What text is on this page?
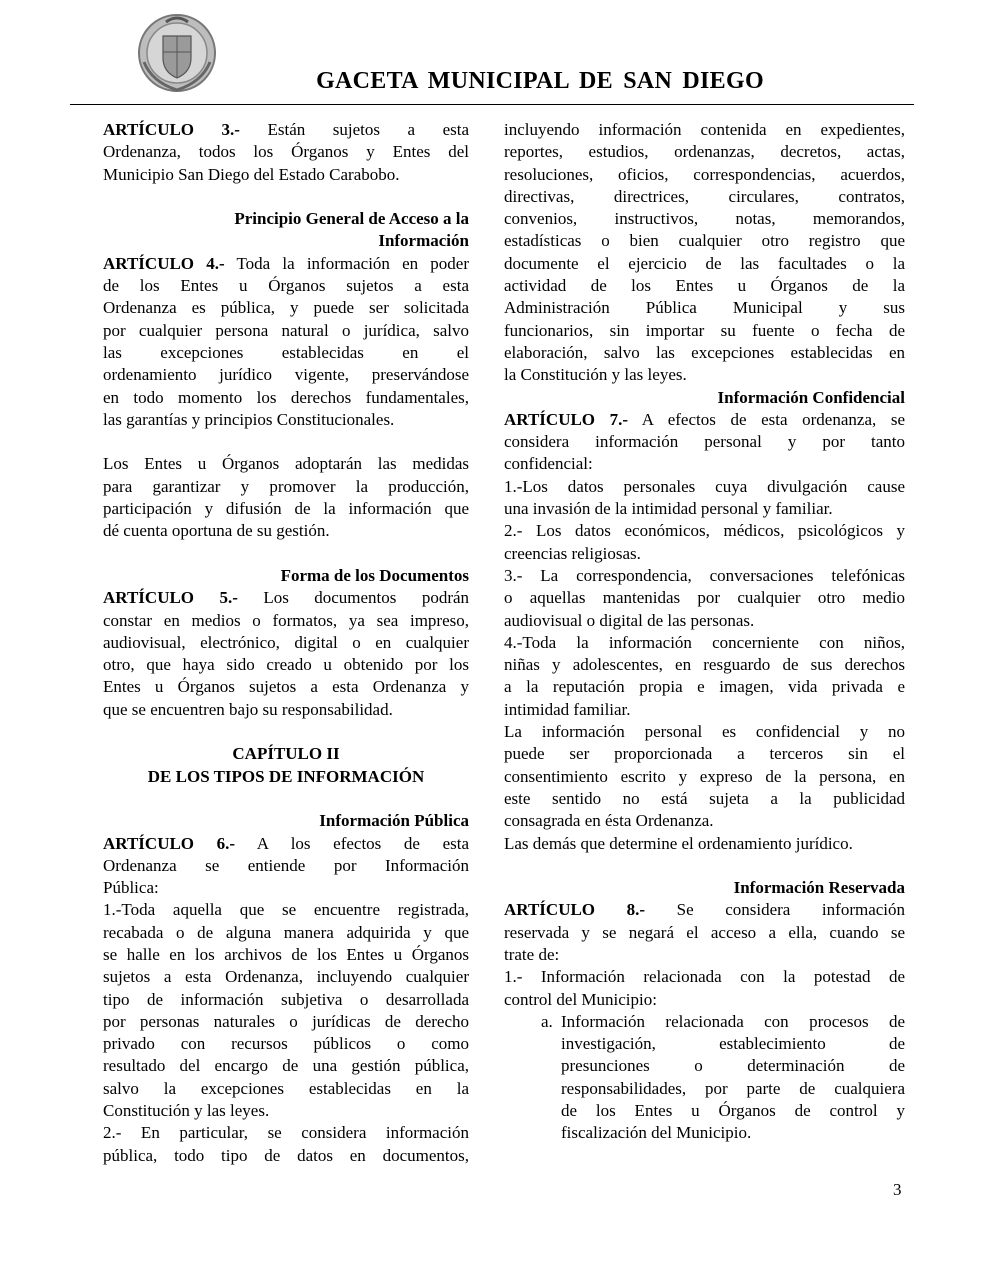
GACETA MUNICIPAL DE SAN DIEGO
ARTÍCULO 3.- Están sujetos a esta
Ordenanza, todos los Órganos y Entes del
Municipio San Diego del Estado Carabobo.
Principio General de Acceso a la
Información
ARTÍCULO 4.- Toda la información en poder
de los Entes u Órganos sujetos a esta
Ordenanza es pública, y puede ser solicitada
por cualquier persona natural o jurídica, salvo
las excepciones establecidas en el
ordenamiento jurídico vigente, preservándose
en todo momento los derechos fundamentales,
las garantías y principios Constitucionales.
Los Entes u Órganos adoptarán las medidas
para garantizar y promover la producción,
participación y difusión de la información que
dé cuenta oportuna de su gestión.
Forma de los Documentos
ARTÍCULO 5.- Los documentos podrán
constar en medios o formatos, ya sea impreso,
audiovisual, electrónico, digital o en cualquier
otro, que haya sido creado u obtenido por los
Entes u Órganos sujetos a esta Ordenanza y
que se encuentren bajo su responsabilidad.
CAPÍTULO II
DE LOS TIPOS DE INFORMACIÓN
Información Pública
ARTÍCULO 6.- A los efectos de esta
Ordenanza se entiende por Información
Pública:
1.-Toda aquella que se encuentre registrada,
recabada o de alguna manera adquirida y que
se halle en los archivos de los Entes u Órganos
sujetos a esta Ordenanza, incluyendo cualquier
tipo de información subjetiva o desarrollada
por personas naturales o jurídicas de derecho
privado con recursos públicos o como
resultado del encargo de una gestión pública,
salvo la excepciones establecidas en la
Constitución y las leyes.
2.- En particular, se considera información
pública, todo tipo de datos en documentos,
incluyendo información contenida en expedientes,
reportes, estudios, ordenanzas, decretos, actas,
resoluciones, oficios, correspondencias, acuerdos,
directivas, directrices, circulares, contratos,
convenios, instructivos, notas, memorandos,
estadísticas o bien cualquier otro registro que
documente el ejercicio de las facultades o la
actividad de los Entes u Órganos de la
Administración Pública Municipal y sus
funcionarios, sin importar su fuente o fecha de
elaboración, salvo las excepciones establecidas en
la Constitución y las leyes.
Información Confidencial
ARTÍCULO 7.- A efectos de esta ordenanza, se
considera información personal y por tanto
confidencial:
1.-Los datos personales cuya divulgación cause
una invasión de la intimidad personal y familiar.
2.- Los datos económicos, médicos, psicológicos y
creencias religiosas.
3.- La correspondencia, conversaciones telefónicas
o aquellas mantenidas por cualquier otro medio
audiovisual o digital de las personas.
4.-Toda la información concerniente con niños,
niñas y adolescentes, en resguardo de sus derechos
a la reputación propia e imagen, vida privada e
intimidad familiar.
La información personal es confidencial y no
puede ser proporcionada a terceros sin el
consentimiento escrito y expreso de la persona, en
este sentido no está sujeta a la publicidad
consagrada en ésta Ordenanza.
Las demás que determine el ordenamiento jurídico.
Información Reservada
ARTÍCULO 8.- Se considera información
reservada y se negará el acceso a ella, cuando se
trate de:
1.- Información relacionada con la potestad de
control del Municipio:
a. Información relacionada con procesos de
investigación, establecimiento de
presunciones o determinación de
responsabilidades, por parte de cualquiera
de los Entes u Órganos de control y
fiscalización del Municipio.
3
